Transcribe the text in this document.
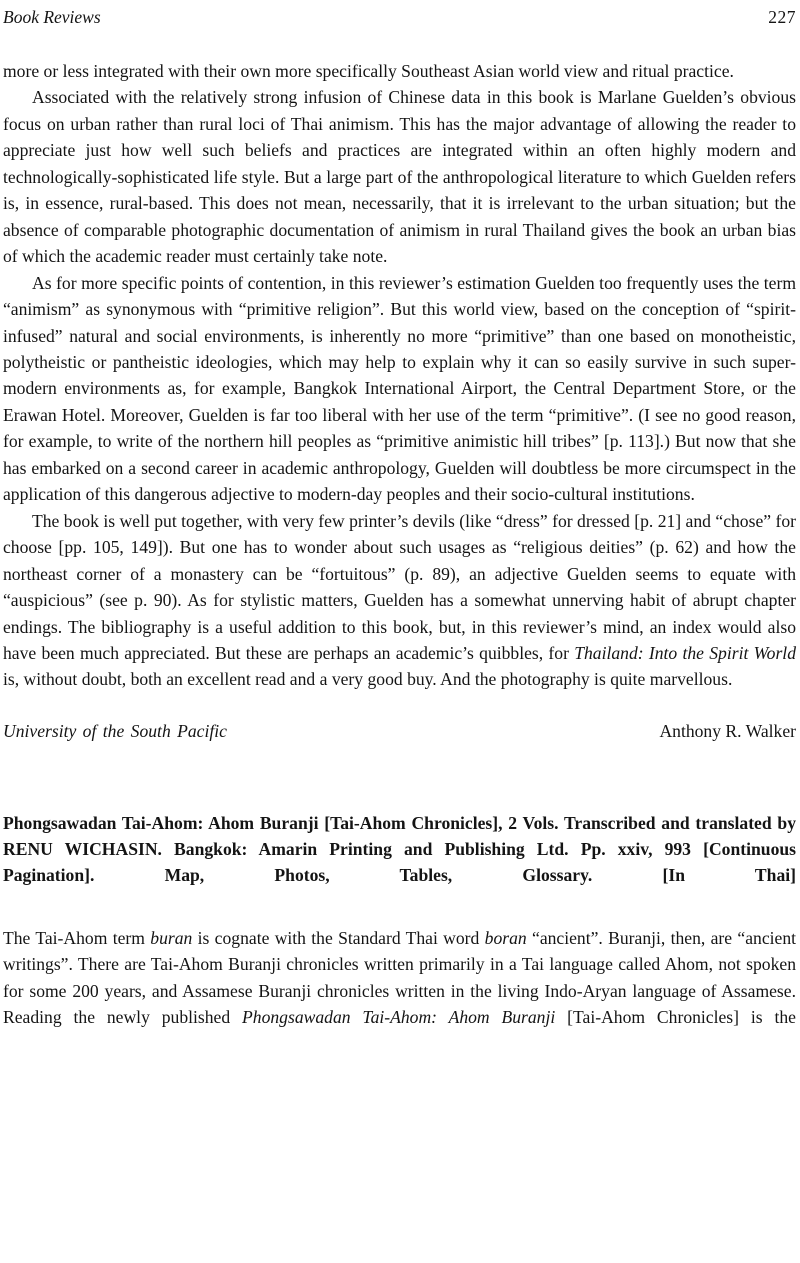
Book Reviews	227

more or less integrated with their own more specifically Southeast Asian world view and ritual practice.

Associated with the relatively strong infusion of Chinese data in this book is Marlane Guelden’s obvious focus on urban rather than rural loci of Thai animism. This has the major advantage of allowing the reader to appreciate just how well such beliefs and practices are integrated within an often highly modern and technologically-sophisticated life style. But a large part of the anthropological literature to which Guelden refers is, in essence, rural-based. This does not mean, necessarily, that it is irrelevant to the urban situation; but the absence of comparable photographic documentation of animism in rural Thailand gives the book an urban bias of which the academic reader must certainly take note.

As for more specific points of contention, in this reviewer’s estimation Guelden too frequently uses the term “animism” as synonymous with “primitive religion”. But this world view, based on the conception of “spirit-infused” natural and social environments, is inherently no more “primitive” than one based on monotheistic, polytheistic or pantheistic ideologies, which may help to explain why it can so easily survive in such super-modern environments as, for example, Bangkok International Airport, the Central Department Store, or the Erawan Hotel. Moreover, Guelden is far too liberal with her use of the term “primitive”. (I see no good reason, for example, to write of the northern hill peoples as “primitive animistic hill tribes” [p. 113].) But now that she has embarked on a second career in academic anthropology, Guelden will doubtless be more circumspect in the application of this dangerous adjective to modern-day peoples and their socio-cultural institutions.

The book is well put together, with very few printer’s devils (like “dress” for dressed [p. 21] and “chose” for choose [pp. 105, 149]). But one has to wonder about such usages as “religious deities” (p. 62) and how the northeast corner of a monastery can be “fortuitous” (p. 89), an adjective Guelden seems to equate with “auspicious” (see p. 90). As for stylistic matters, Guelden has a somewhat unnerving habit of abrupt chapter endings. The bibliography is a useful addition to this book, but, in this reviewer’s mind, an index would also have been much appreciated. But these are perhaps an academic’s quibbles, for Thailand: Into the Spirit World is, without doubt, both an excellent read and a very good buy. And the photography is quite marvellous.

University of the South Pacific	Anthony R. Walker
Phongsawadan Tai-Ahom: Ahom Buranji [Tai-Ahom Chronicles], 2 Vols. Transcribed and translated by RENU WICHASIN. Bangkok: Amarin Printing and Publishing Ltd. Pp. xxiv, 993 [Continuous Pagination]. Map, Photos, Tables, Glossary. [In Thai]

The Tai-Ahom term buran is cognate with the Standard Thai word boran “ancient”. Buranji, then, are “ancient writings”. There are Tai-Ahom Buranji chronicles written primarily in a Tai language called Ahom, not spoken for some 200 years, and Assamese Buranji chronicles written in the living Indo-Aryan language of Assamese. Reading the newly published Phongsawadan Tai-Ahom: Ahom Buranji [Tai-Ahom Chronicles] is the
